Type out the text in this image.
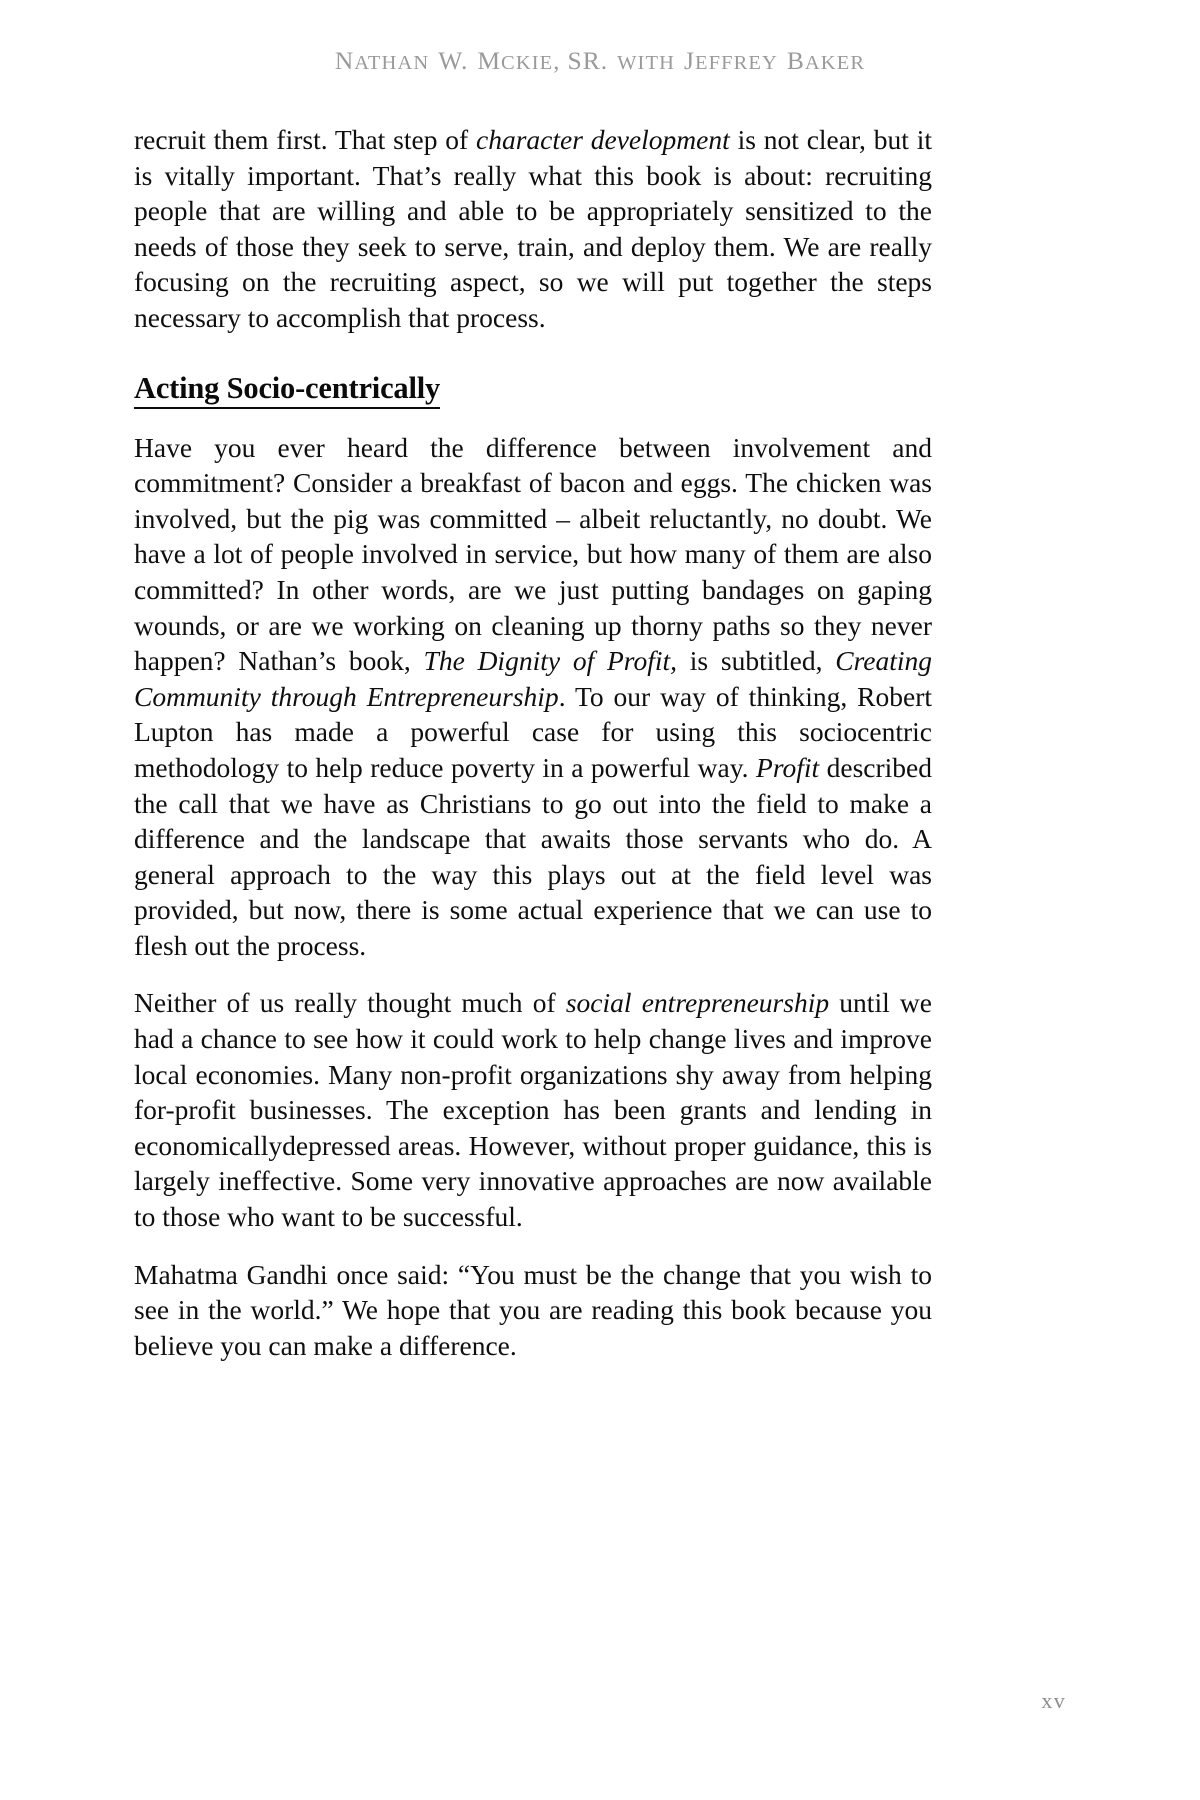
NATHAN W. MCKIE, SR. WITH JEFFREY BAKER

recruit them first. That step of character development is not clear, but it is vitally important. That’s really what this book is about: recruiting people that are willing and able to be appropriately sensitized to the needs of those they seek to serve, train, and deploy them. We are really focusing on the recruiting aspect, so we will put together the steps necessary to accomplish that process.

Acting Socio-centrically

Have you ever heard the difference between involvement and commitment? Consider a breakfast of bacon and eggs. The chicken was involved, but the pig was committed – albeit reluctantly, no doubt. We have a lot of people involved in service, but how many of them are also committed? In other words, are we just putting bandages on gaping wounds, or are we working on cleaning up thorny paths so they never happen? Nathan’s book, The Dignity of Profit, is subtitled, Creating Community through Entrepreneurship. To our way of thinking, Robert Lupton has made a powerful case for using this sociocentric methodology to help reduce poverty in a powerful way. Profit described the call that we have as Christians to go out into the field to make a difference and the landscape that awaits those servants who do. A general approach to the way this plays out at the field level was provided, but now, there is some actual experience that we can use to flesh out the process.

Neither of us really thought much of social entrepreneurship until we had a chance to see how it could work to help change lives and improve local economies. Many non-profit organizations shy away from helping for-profit businesses. The exception has been grants and lending in economicallydepressed areas. However, without proper guidance, this is largely ineffective. Some very innovative approaches are now available to those who want to be successful.

Mahatma Gandhi once said: “You must be the change that you wish to see in the world.” We hope that you are reading this book because you believe you can make a difference.

xv
